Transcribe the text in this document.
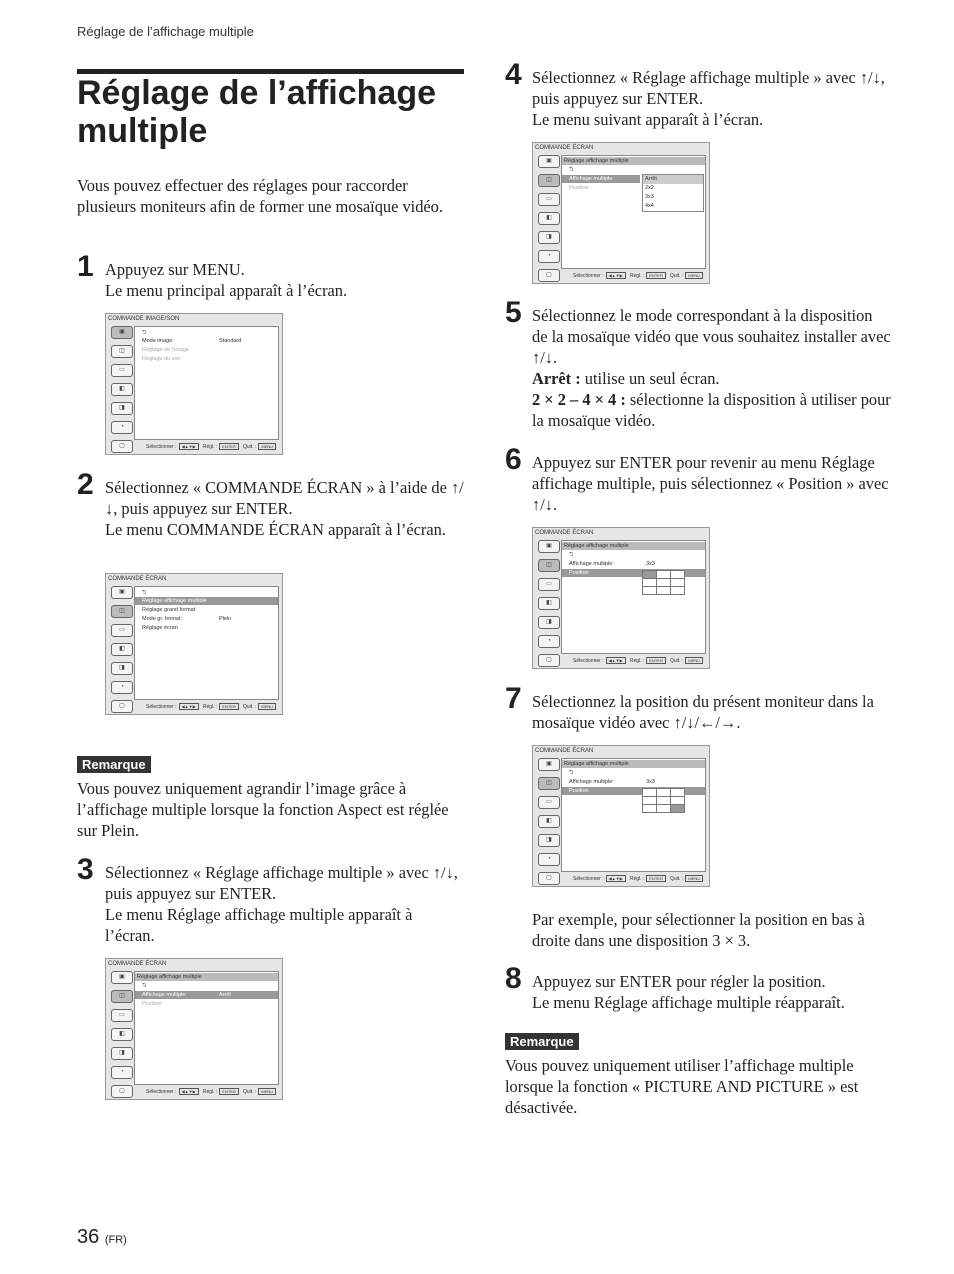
Réglage de l’affichage multiple
Réglage de l’affichage multiple
Vous pouvez effectuer des réglages pour raccorder plusieurs moniteurs afin de former une mosaïque vidéo.
1 Appuyez sur MENU.
Le menu principal apparaît à l’écran.
COMMANDE IMAGE/SON
▣
◫
▭
◧
◨
◔
▢
⮌
Mode image:	Standard
Réglage de l’image
Réglage du son
Sélectionner : ◀▲▼▶ Régl. : ENTER Quit. : MENU
2 Sélectionnez « COMMANDE ÉCRAN » à l’aide de ↑/↓, puis appuyez sur ENTER.
Le menu COMMANDE ÉCRAN apparaît à l’écran.
COMMANDE ÉCRAN
▣
◫
▭
◧
◨
◔
▢
⮌
Réglage affichage multiple
Réglage grand format
Mode gr. format:	Plein
Réglage écran
Sélectionner : ◀▲▼▶ Régl. : ENTER Quit. : MENU
Remarque
Vous pouvez uniquement agrandir l’image grâce à l’affichage multiple lorsque la fonction Aspect est réglée sur Plein.
3 Sélectionnez « Réglage affichage multiple » avec ↑/↓, puis appuyez sur ENTER.
Le menu Réglage affichage multiple apparaît à l’écran.
COMMANDE ÉCRAN
▣
◫
▭
◧
◨
◔
▢
Réglage affichage multiple
⮌
Affichage multiple:	Arrêt
Position
Sélectionner : ◀▲▼▶ Régl. : ENTER Quit. : MENU
4 Sélectionnez « Réglage affichage multiple » avec ↑/↓, puis appuyez sur ENTER.
Le menu suivant apparaît à l’écran.
COMMANDE ÉCRAN
▣
◫
▭
◧
◨
◔
▢
Réglage affichage multiple
⮌
Affichage multiple:
Position
Arrêt
2x2
3x3
4x4
Sélectionner : ◀▲▼▶ Régl. : ENTER Quit. : MENU
5 Sélectionnez le mode correspondant à la disposition de la mosaïque vidéo que vous souhaitez installer avec ↑/↓.
Arrêt : utilise un seul écran.
2 × 2 – 4 × 4 : sélectionne la disposition à utiliser pour la mosaïque vidéo.
6 Appuyez sur ENTER pour revenir au menu Réglage affichage multiple, puis sélectionnez « Position » avec ↑/↓.
COMMANDE ÉCRAN
▣
◫
▭
◧
◨
◔
▢
Réglage affichage multiple
⮌
Affichage multiple:	3x3
Position

Sélectionner : ◀▲▼▶ Régl. : ENTER Quit. : MENU
7 Sélectionnez la position du présent moniteur dans la mosaïque vidéo avec ↑/↓/←/→.
COMMANDE ÉCRAN
▣
◫
▭
◧
◨
◔
▢
Réglage affichage multiple
⮌
Affichage multiple:	3x3
Position

Sélectionner : ◀▲▼▶ Régl. : ENTER Quit. : MENU
Par exemple, pour sélectionner la position en bas à droite dans une disposition 3 × 3.
8 Appuyez sur ENTER pour régler la position.
Le menu Réglage affichage multiple réapparaît.
Remarque
Vous pouvez uniquement utiliser l’affichage multiple lorsque la fonction « PICTURE AND PICTURE » est désactivée.
36 (FR)
